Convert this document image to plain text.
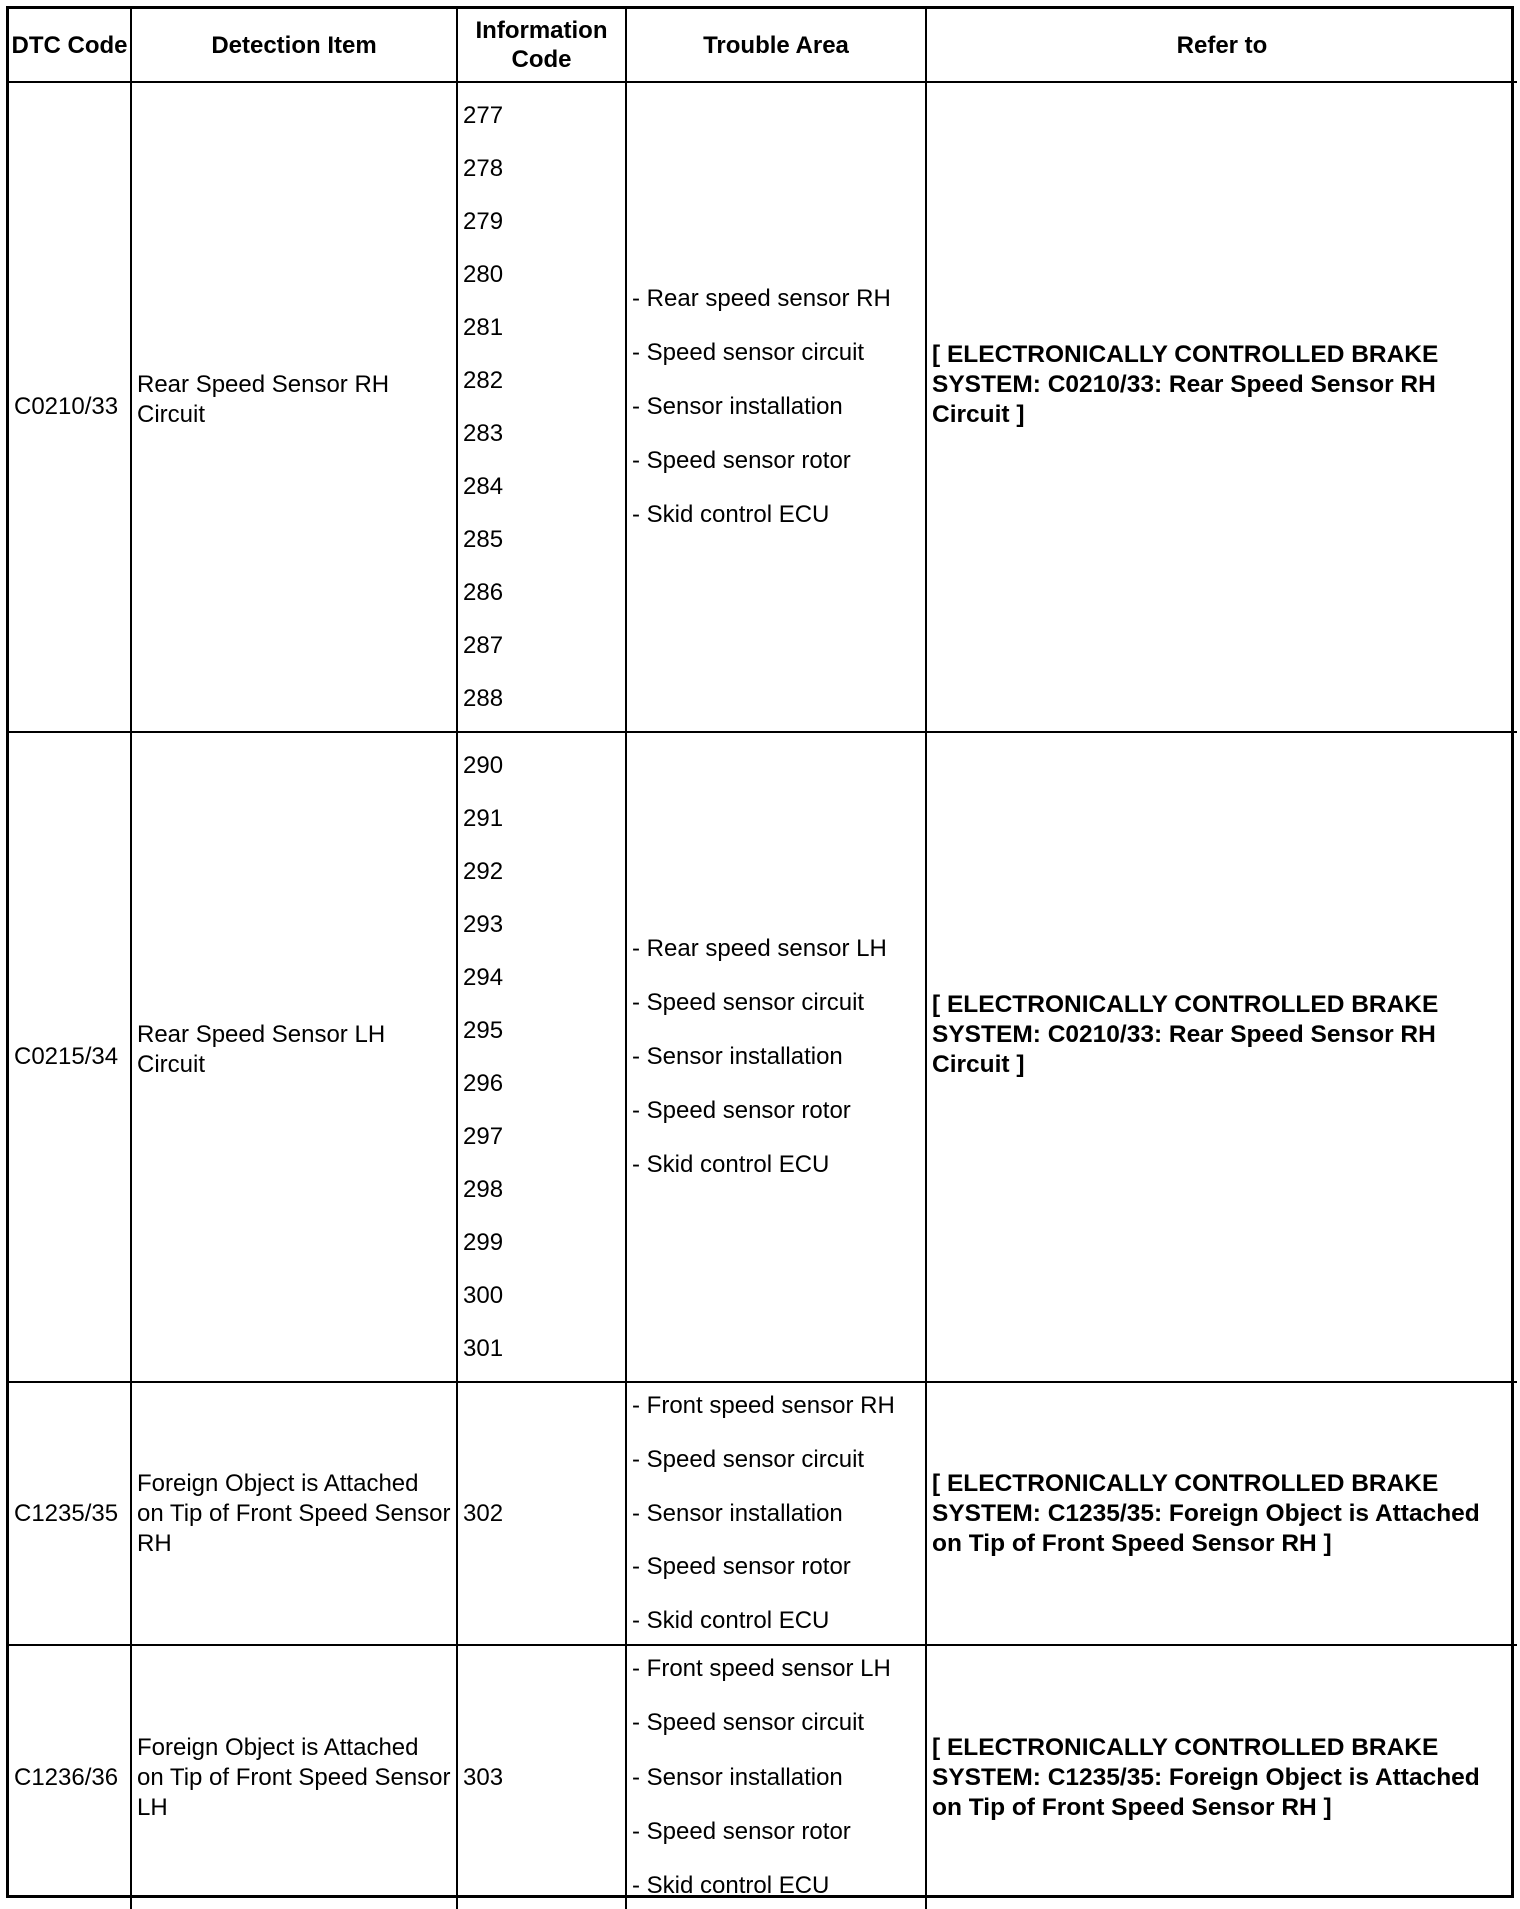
DTC Code	Detection Item
Information Code
Trouble Area	Refer to
C0210/33
Rear Speed Sensor RH Circuit
277
278
279
280
281
282
283
284
285
286
287
288
- Rear speed sensor RH
- Speed sensor circuit
- Sensor installation
- Speed sensor rotor
- Skid control ECU
[ ELECTRONICALLY CONTROLLED BRAKE SYSTEM: C0210/33: Rear Speed Sensor RH Circuit ]
C0215/34
Rear Speed Sensor LH Circuit
290
291
292
293
294
295
296
297
298
299
300
301
- Rear speed sensor LH
- Speed sensor circuit
- Sensor installation
- Speed sensor rotor
- Skid control ECU
[ ELECTRONICALLY CONTROLLED BRAKE SYSTEM: C0210/33: Rear Speed Sensor RH Circuit ]
C1235/35
Foreign Object is Attached on Tip of Front Speed Sensor RH
302
- Front speed sensor RH
- Speed sensor circuit
- Sensor installation
- Speed sensor rotor
- Skid control ECU
[ ELECTRONICALLY CONTROLLED BRAKE SYSTEM: C1235/35: Foreign Object is Attached on Tip of Front Speed Sensor RH ]
C1236/36
Foreign Object is Attached on Tip of Front Speed Sensor LH
303
- Front speed sensor LH
- Speed sensor circuit
- Sensor installation
- Speed sensor rotor
- Skid control ECU
[ ELECTRONICALLY CONTROLLED BRAKE SYSTEM: C1235/35: Foreign Object is Attached on Tip of Front Speed Sensor RH ]
